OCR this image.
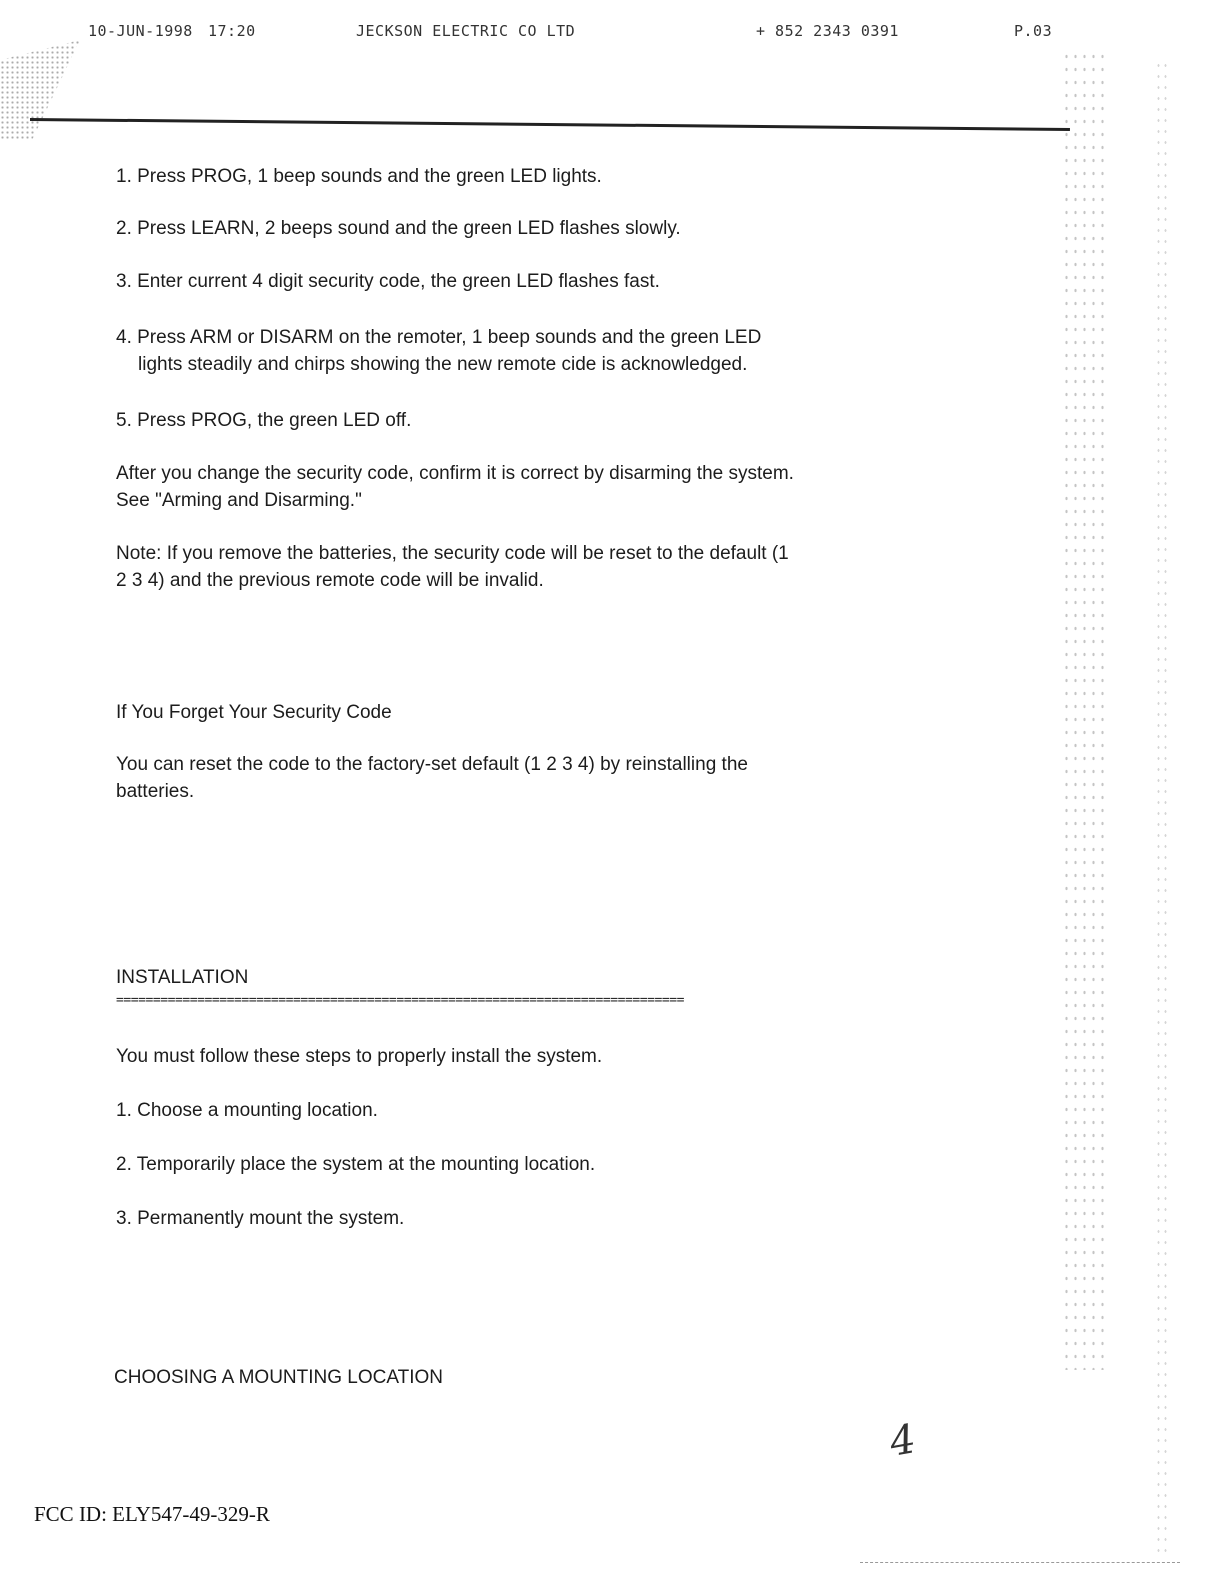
10-JUN-1998 17:20	JECKSON ELECTRIC CO LTD	+ 852 2343 0391	P.03
1. Press PROG, 1 beep sounds and the green LED lights.
2. Press LEARN, 2 beeps sound and the green LED flashes slowly.
3. Enter current 4 digit security code, the green LED flashes fast.
4. Press ARM or DISARM on the remoter, 1 beep sounds and the green LED
lights steadily and chirps showing the new remote cide is acknowledged.
5. Press PROG, the green LED off.
After you change the security code, confirm it is correct by disarming the system.
See "Arming and Disarming."
Note: If you remove the batteries, the security code will be reset to the default (1
2 3 4) and the previous remote code will be invalid.
If You Forget Your Security Code
You can reset the code to the factory-set default (1 2 3 4) by reinstalling the
batteries.
INSTALLATION
=============================================================================
You must follow these steps to properly install the system.
1. Choose a mounting location.
2. Temporarily place the system at the mounting location.
3. Permanently mount the system.
CHOOSING A MOUNTING LOCATION
4
FCC ID: ELY547-49-329-R
